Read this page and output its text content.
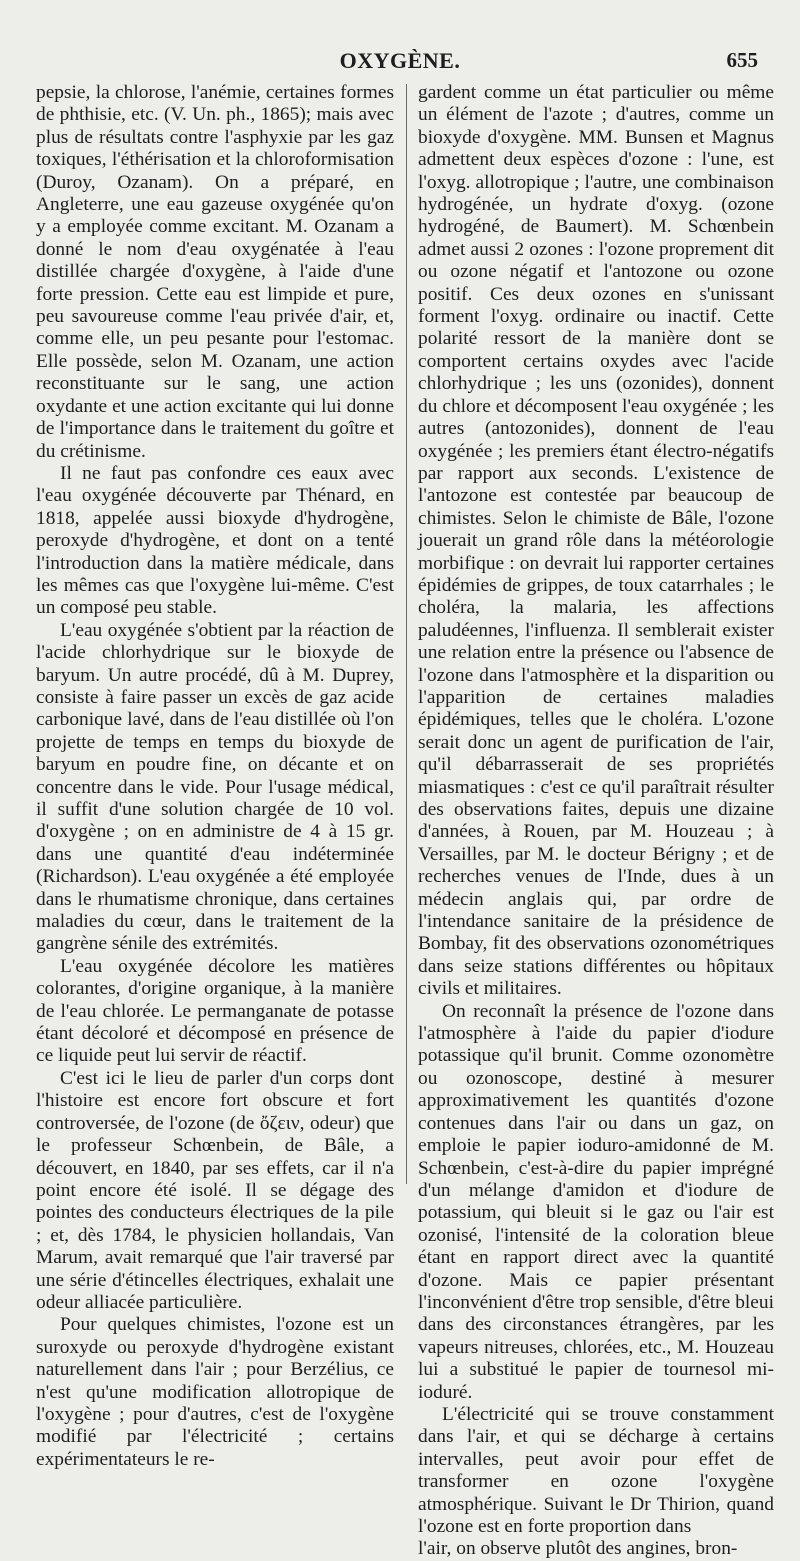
OXYGÈNE.	655

pepsie, la chlorose, l'anémie, certaines formes de phthisie, etc. (V. Un. ph., 1865); mais avec plus de résultats contre l'asphyxie par les gaz toxiques, l'éthérisation et la chloroformisation (Duroy, Ozanam). On a préparé, en Angleterre, une eau gazeuse oxygénée qu'on y a employée comme excitant. M. Ozanam a donné le nom d'eau oxygénatée à l'eau distillée chargée d'oxygène, à l'aide d'une forte pression. Cette eau est limpide et pure, peu savoureuse comme l'eau privée d'air, et, comme elle, un peu pesante pour l'estomac. Elle possède, selon M. Ozanam, une action reconstituante sur le sang, une action oxydante et une action excitante qui lui donne de l'importance dans le traitement du goître et du crétinisme.

Il ne faut pas confondre ces eaux avec l'eau oxygénée découverte par Thénard, en 1818, appelée aussi bioxyde d'hydrogène, peroxyde d'hydrogène, et dont on a tenté l'introduction dans la matière médicale, dans les mêmes cas que l'oxygène lui-même. C'est un composé peu stable.

L'eau oxygénée s'obtient par la réaction de l'acide chlorhydrique sur le bioxyde de baryum. Un autre procédé, dû à M. Duprey, consiste à faire passer un excès de gaz acide carbonique lavé, dans de l'eau distillée où l'on projette de temps en temps du bioxyde de baryum en poudre fine, on décante et on concentre dans le vide. Pour l'usage médical, il suffit d'une solution chargée de 10 vol. d'oxygène ; on en administre de 4 à 15 gr. dans une quantité d'eau indéterminée (Richardson). L'eau oxygénée a été employée dans le rhumatisme chronique, dans certaines maladies du cœur, dans le traitement de la gangrène sénile des extrémités.

L'eau oxygénée décolore les matières colorantes, d'origine organique, à la manière de l'eau chlorée. Le permanganate de potasse étant décoloré et décomposé en présence de ce liquide peut lui servir de réactif.

C'est ici le lieu de parler d'un corps dont l'histoire est encore fort obscure et fort controversée, de l'ozone (de ὄζειν, odeur) que le professeur Schœnbein, de Bâle, a découvert, en 1840, par ses effets, car il n'a point encore été isolé. Il se dégage des pointes des conducteurs électriques de la pile ; et, dès 1784, le physicien hollandais, Van Marum, avait remarqué que l'air traversé par une série d'étincelles électriques, exhalait une odeur alliacée particulière.

Pour quelques chimistes, l'ozone est un suroxyde ou peroxyde d'hydrogène existant naturellement dans l'air ; pour Berzélius, ce n'est qu'une modification allotropique de l'oxygène ; pour d'autres, c'est de l'oxygène modifié par l'électricité ; certains expérimentateurs le re-

gardent comme un état particulier ou même un élément de l'azote ; d'autres, comme un bioxyde d'oxygène. MM. Bunsen et Magnus admettent deux espèces d'ozone : l'une, est l'oxyg. allotropique ; l'autre, une combinaison hydrogénée, un hydrate d'oxyg. (ozone hydrogéné, de Baumert). M. Schœnbein admet aussi 2 ozones : l'ozone proprement dit ou ozone négatif et l'antozone ou ozone positif. Ces deux ozones en s'unissant forment l'oxyg. ordinaire ou inactif. Cette polarité ressort de la manière dont se comportent certains oxydes avec l'acide chlorhydrique ; les uns (ozonides), donnent du chlore et décomposent l'eau oxygénée ; les autres (antozonides), donnent de l'eau oxygénée ; les premiers étant électro-négatifs par rapport aux seconds. L'existence de l'antozone est contestée par beaucoup de chimistes. Selon le chimiste de Bâle, l'ozone jouerait un grand rôle dans la météorologie morbifique : on devrait lui rapporter certaines épidémies de grippes, de toux catarrhales ; le choléra, la malaria, les affections paludéennes, l'influenza. Il semblerait exister une relation entre la présence ou l'absence de l'ozone dans l'atmosphère et la disparition ou l'apparition de certaines maladies épidémiques, telles que le choléra. L'ozone serait donc un agent de purification de l'air, qu'il débarrasserait de ses propriétés miasmatiques : c'est ce qu'il paraîtrait résulter des observations faites, depuis une dizaine d'années, à Rouen, par M. Houzeau ; à Versailles, par M. le docteur Bérigny ; et de recherches venues de l'Inde, dues à un médecin anglais qui, par ordre de l'intendance sanitaire de la présidence de Bombay, fit des observations ozonométriques dans seize stations différentes ou hôpitaux civils et militaires.

On reconnaît la présence de l'ozone dans l'atmosphère à l'aide du papier d'iodure potassique qu'il brunit. Comme ozonomètre ou ozonoscope, destiné à mesurer approximativement les quantités d'ozone contenues dans l'air ou dans un gaz, on emploie le papier ioduro-amidonné de M. Schœnbein, c'est-à-dire du papier imprégné d'un mélange d'amidon et d'iodure de potassium, qui bleuit si le gaz ou l'air est ozonisé, l'intensité de la coloration bleue étant en rapport direct avec la quantité d'ozone. Mais ce papier présentant l'inconvénient d'être trop sensible, d'être bleui dans des circonstances étrangères, par les vapeurs nitreuses, chlorées, etc., M. Houzeau lui a substitué le papier de tournesol mi-ioduré.

L'électricité qui se trouve constamment dans l'air, et qui se décharge à certains intervalles, peut avoir pour effet de transformer en ozone l'oxygène atmosphérique. Suivant le Dr Thirion, quand l'ozone est en forte proportion dans

l'air, on observe plutôt des angines, bron-
